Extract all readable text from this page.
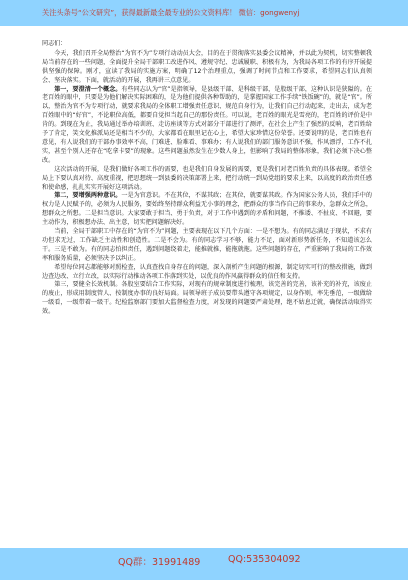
关注头条号“公文研究”，获得最新最全最专业的公文资料库！ 微信：gongwenyj

同志们：

今天，我们召开全局整治“为官不为”专项行动动员大会，目的在于贯彻落实县委会议精神，并以此为契机，切实整顿我局当前存在的一些问题，全面提升全局干部职工改进作风、遵规守纪、忠诚履职、积极有为，为我局各项工作的有序开展提供坚强的保障。刚才，宣读了我局的实施方案，明确了12个治理重点，强调了时间节点和工作要求，希望同志们认真领会、坚决落实。下面，就活动的开展，我再讲三点意见。

第一，要澄清一个概念。有些同志认为“官”是指领导，是县级干部、是科级干部，是股级干部，这种认识是狭隘的。在老百姓的眼中，只要是为他们解决实际困难的，是为他们提供各种帮助的，是掌握国家工作手续“铁饭碗”的，就是“官”。所以，整治为官不为专项行动，就要求我局的全体职工增强责任意识、规范自身行为，让我们自己行动起来，走出去，成为老百姓眼中的“好官”，不论职位高低，都要自觉担当起自己的那份责任。可以说，老百姓的眼光是雪亮的，老百姓的评价是中肯的。到现在为止，我局通过举办培训班、走访座谈等方式对部分干部进行了测评，在社会上产生了强烈的反响，老百姓给予了肯定，笑文化推派局还是相当不少的，大家都看在眼里记在心上，希望大家珍惜这份荣誉。还要说明的是，老百姓也有意见，有人说我们的干部办事效率不高，门难进、脸难看、事难办；有人说我们的部门服务意识不强，作风漂浮，工作不扎实，甚至个别人还存在“吃拿卡要”的现象。这些问题虽然发生在少数人身上，但影响了我局的整体形象，我们必须下决心整改。

这次活动的开展，是我们做好各项工作的需要，也是我们自身发展的需要，更是我们对老百姓负责的具体表现。希望全局上下要认真对待、高度重视，把思想统一到县委的决策部署上来，把行动统一到局党组的要求上来，以高度的政治责任感和使命感，扎扎实实开展好这项活动。

第二，要增强两种意识。一是为官意识。不在其位，不谋其政；在其位，就要谋其政。作为国家公务人员，我们手中的权力是人民赋予的，必须为人民服务，要始终坚持群众利益无小事的理念，把群众的事当作自己的事来办，急群众之所急，想群众之所想。二是担当意识。大家要敢于担当、勇于负责，对于工作中遇到的矛盾和问题，不推诿、不扯皮、不回避，要主动作为，积极想办法、出主意，切实把问题解决好。

当前，全局干部职工中存在的“为官不为”问题，主要表现在以下几个方面：一是不想为。有的同志满足于现状，不求有功但求无过，工作缺乏主动性和创造性。二是不会为。有的同志学习不够，能力不足，面对新形势新任务，不知道该怎么干。三是不敢为。有的同志怕担责任，遇到问题绕着走，能推就推，能拖就拖。这些问题的存在，严重影响了我局的工作效率和服务质量，必须坚决予以纠正。

希望每位同志都能够对照检查，认真查找自身存在的问题，深入剖析产生问题的根源，制定切实可行的整改措施，做到边查边改、立行立改，以实际行动推动各项工作落到实处，以优良的作风赢得群众的信任和支持。

第三，要健全长效机制。各股室要结合工作实际，对现有的规章制度进行梳理，该完善的完善，该补充的补充，该废止的废止，形成用制度管人、按制度办事的良好局面。局领导班子成员要带头遵守各项规定，以身作则，率先垂范，一级做给一级看，一级带着一级干。纪检监察部门要加大监督检查力度，对发现的问题要严肃处理，绝不姑息迁就，确保活动取得实效。

QQ群：31991489	QQ:535304092
